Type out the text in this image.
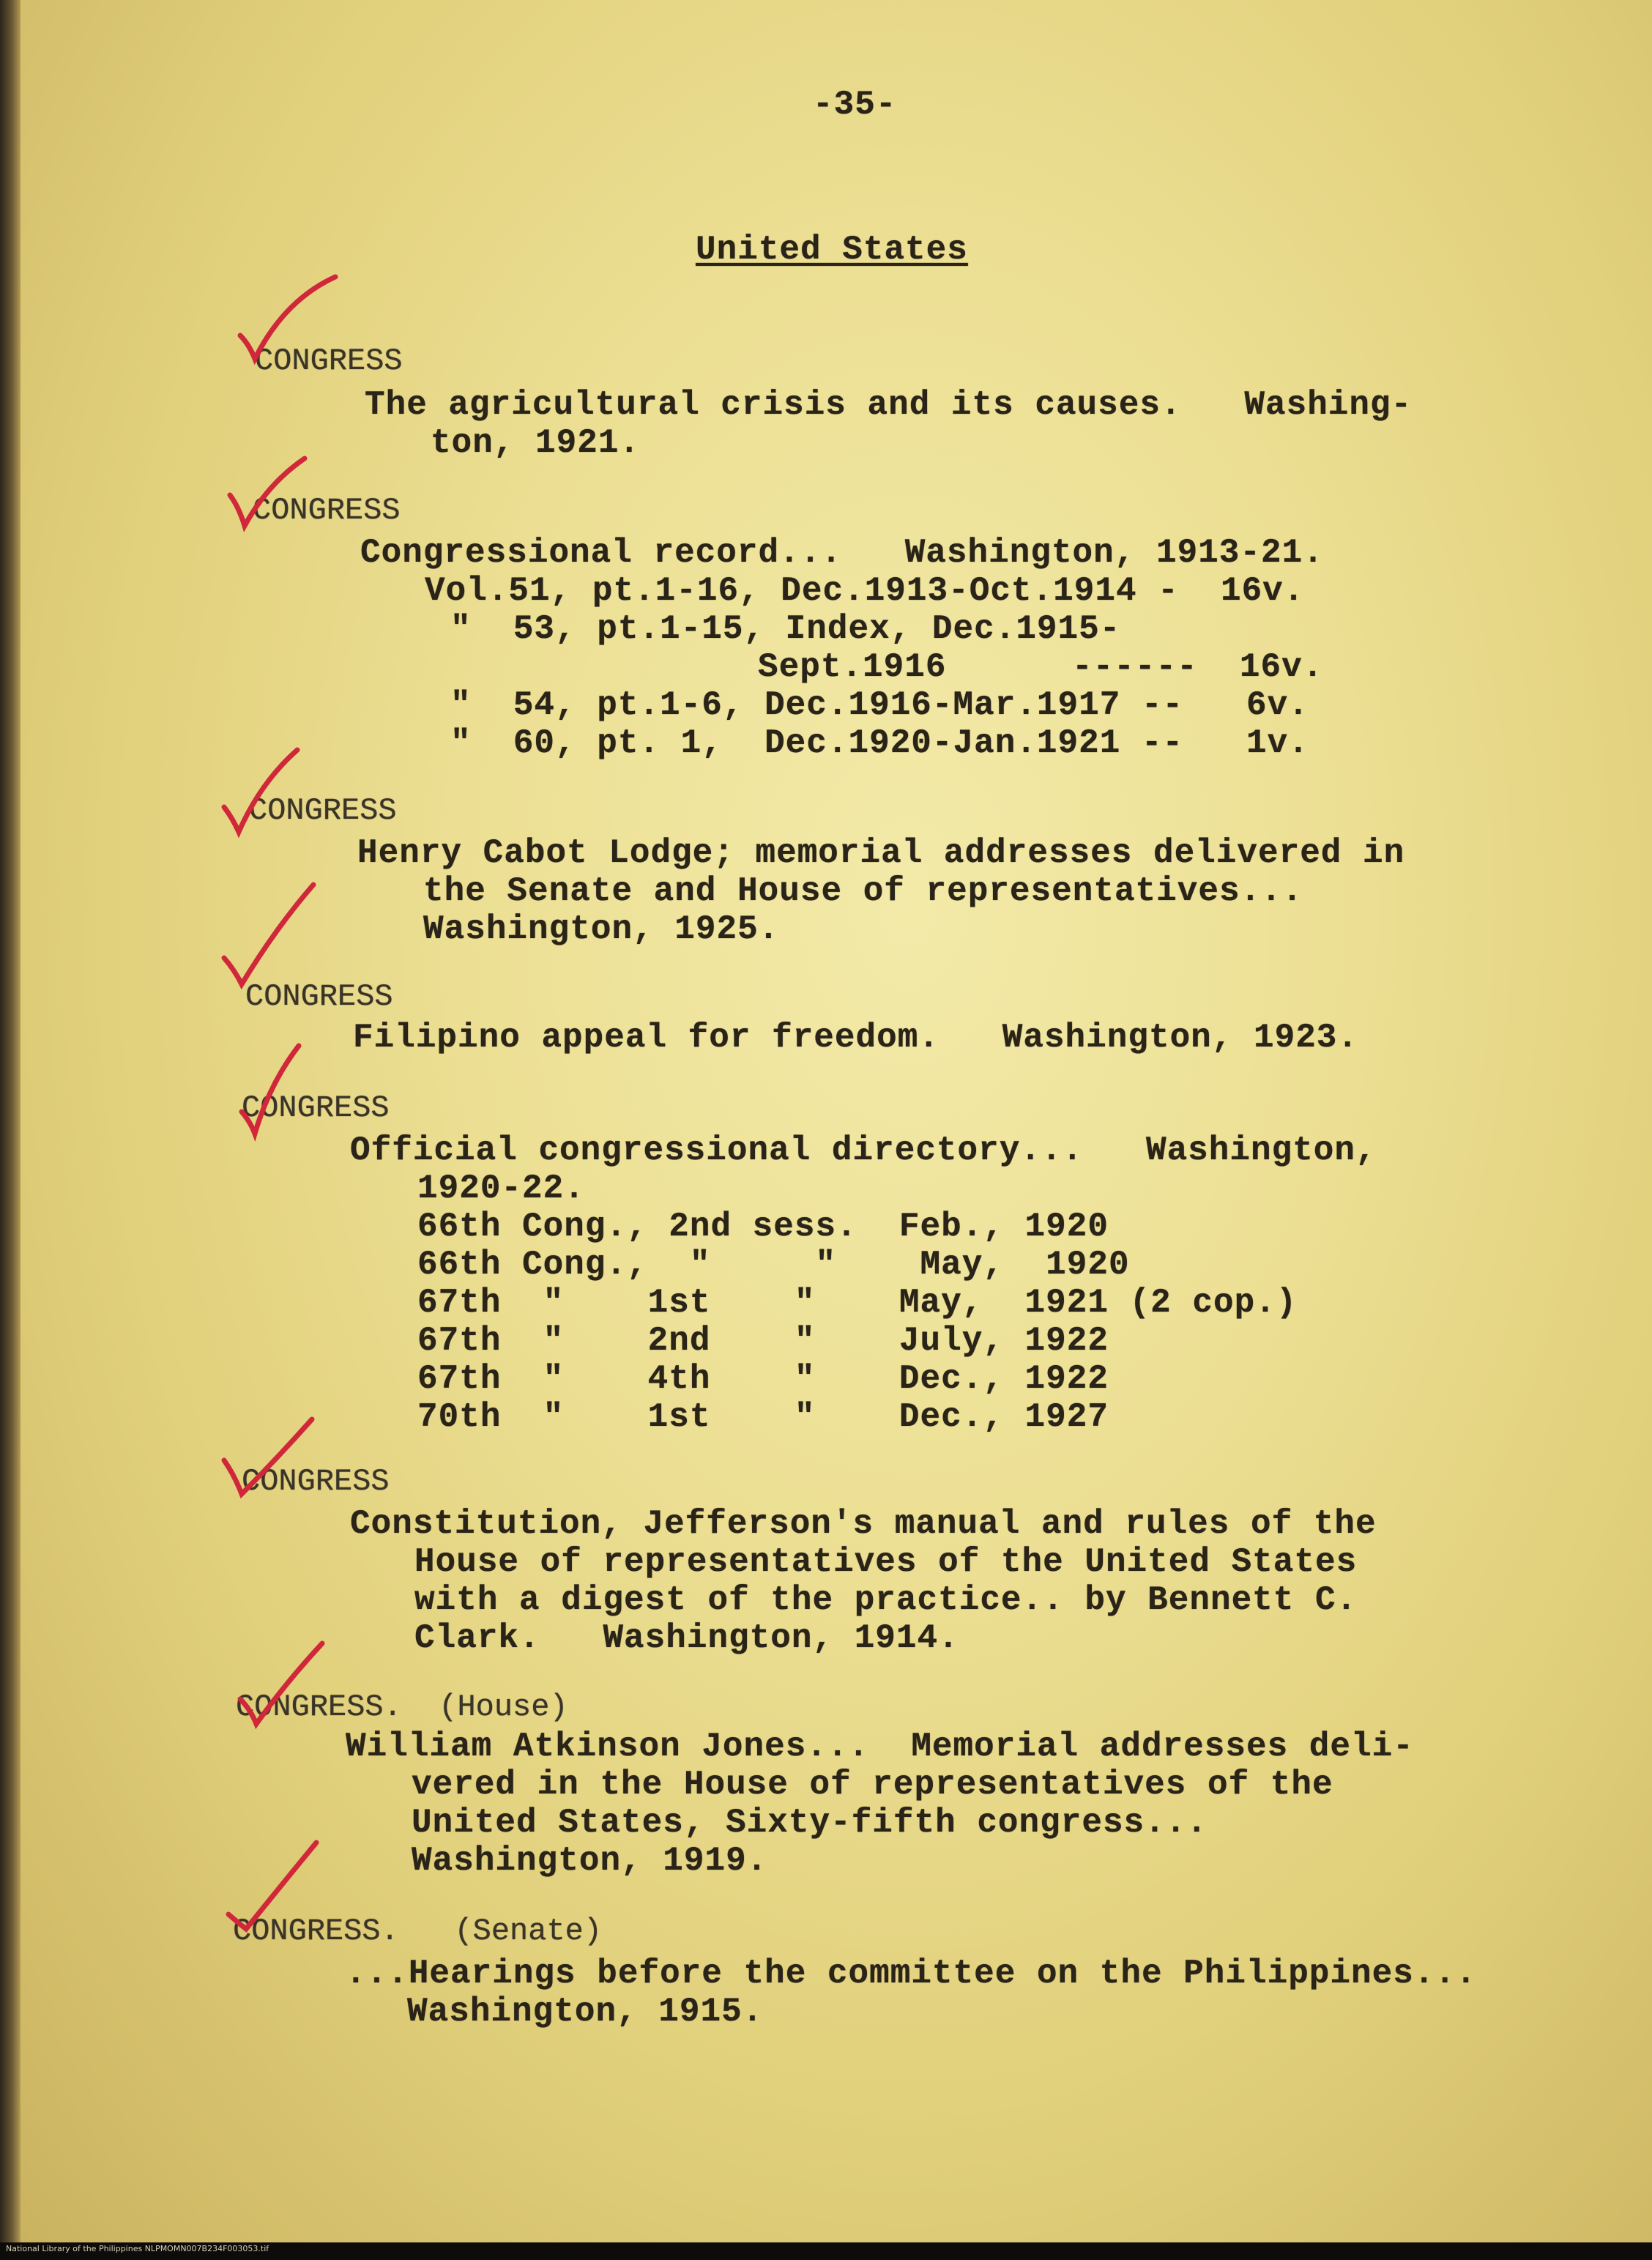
-35-
United States
CONGRESS
The agricultural crisis and its causes.   Washing-
ton, 1921.
CONGRESS
Congressional record...   Washington, 1913-21.
Vol.51, pt.1-16, Dec.1913-Oct.1914 -  16v.
"  53, pt.1-15, Index, Dec.1915-
Sept.1916      ------  16v.
"  54, pt.1-6, Dec.1916-Mar.1917 --   6v.
"  60, pt. 1,  Dec.1920-Jan.1921 --   1v.
CONGRESS
Henry Cabot Lodge; memorial addresses delivered in
the Senate and House of representatives...
Washington, 1925.
CONGRESS
Filipino appeal for freedom.   Washington, 1923.
CONGRESS
Official congressional directory...   Washington,
1920-22.
66th Cong., 2nd sess.  Feb., 1920
66th Cong.,  "     "    May,  1920
67th  "    1st    "    May,  1921 (2 cop.)
67th  "    2nd    "    July, 1922
67th  "    4th    "    Dec., 1922
70th  "    1st    "    Dec., 1927
CONGRESS
Constitution, Jefferson's manual and rules of the
House of representatives of the United States
with a digest of the practice.. by Bennett C.
Clark.   Washington, 1914.
CONGRESS.  (House)
William Atkinson Jones...  Memorial addresses deli-
vered in the House of representatives of the
United States, Sixty-fifth congress...
Washington, 1919.
CONGRESS.   (Senate)
...Hearings before the committee on the Philippines...
Washington, 1915.
National Library of the Philippines NLPMOMN007B234F003053.tif
